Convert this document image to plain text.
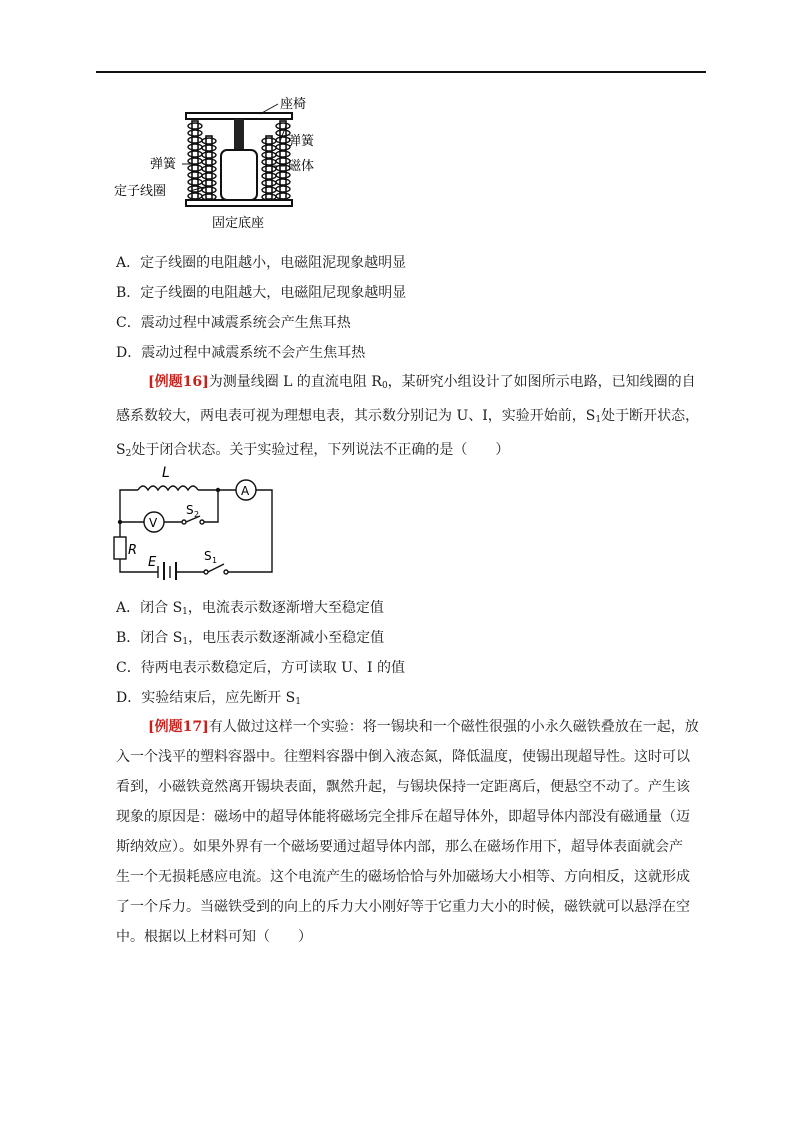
座椅
弹簧
磁体
弹簧
定子线圈
固定底座
A．定子线圈的电阻越小，电磁阻泥现象越明显
B．定子线圈的电阻越大，电磁阻尼现象越明显
C．震动过程中减震系统会产生焦耳热
D．震动过程中减震系统不会产生焦耳热
[例题16]为测量线圈 L 的直流电阻 $R_0$，某研究小组设计了如图所示电路，已知线圈的自
感系数较大，两电表可视为理想电表，其示数分别记为 U、I，实验开始前，$S_1$处于断开状态，
$S_2$处于闭合状态。关于实验过程，下列说法不正确的是（　　）
L
A
V
S 2
R
E	S 1
A．闭合 $S_1$，电流表示数逐渐增大至稳定值
B．闭合 $S_1$，电压表示数逐渐减小至稳定值
C．待两电表示数稳定后，方可读取 U、I 的值
D．实验结束后，应先断开 $S_1$
[例题17]有人做过这样一个实验：将一锡块和一个磁性很强的小永久磁铁叠放在一起，放
入一个浅平的塑料容器中。往塑料容器中倒入液态氮，降低温度，使锡出现超导性。这时可以
看到，小磁铁竟然离开锡块表面，飘然升起，与锡块保持一定距离后，便悬空不动了。产生该
现象的原因是：磁场中的超导体能将磁场完全排斥在超导体外，即超导体内部没有磁通量（迈
斯纳效应）。如果外界有一个磁场要通过超导体内部，那么在磁场作用下，超导体表面就会产
生一个无损耗感应电流。这个电流产生的磁场恰恰与外加磁场大小相等、方向相反，这就形成
了一个斥力。当磁铁受到的向上的斥力大小刚好等于它重力大小的时候，磁铁就可以悬浮在空
中。根据以上材料可知（　　）
